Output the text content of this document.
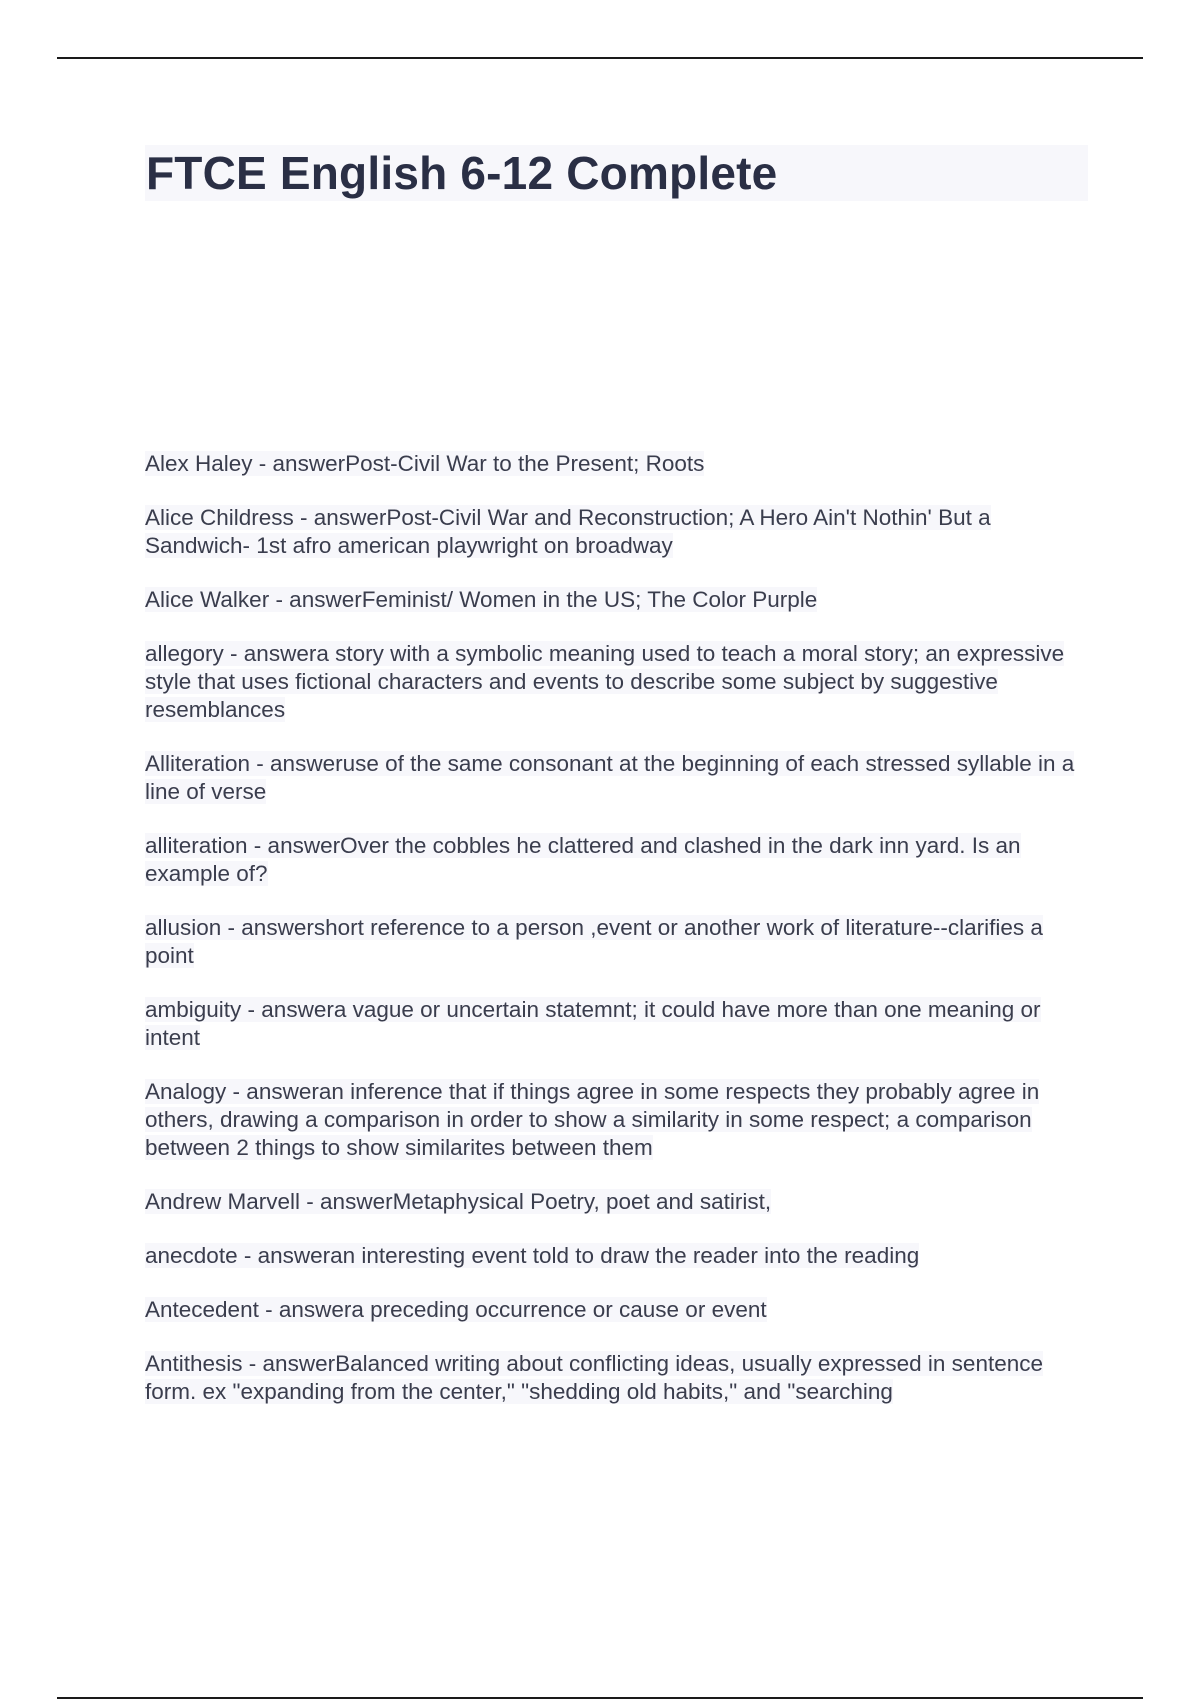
FTCE English 6-12 Complete

Alex Haley - answerPost-Civil War to the Present; Roots

Alice Childress - answerPost-Civil War and Reconstruction; A Hero Ain't Nothin' But a Sandwich- 1st afro american playwright on broadway

Alice Walker - answerFeminist/ Women in the US; The Color Purple

allegory - answera story with a symbolic meaning used to teach a moral story; an expressive style that uses fictional characters and events to describe some subject by suggestive resemblances

Alliteration - answeruse of the same consonant at the beginning of each stressed syllable in a line of verse

alliteration - answerOver the cobbles he clattered and clashed in the dark inn yard. Is an example of?

allusion - answershort reference to a person ,event or another work of literature--clarifies a point

ambiguity - answera vague or uncertain statemnt; it could have more than one meaning or intent

Analogy - answeran inference that if things agree in some respects they probably agree in others, drawing a comparison in order to show a similarity in some respect; a comparison between 2 things to show similarites between them

Andrew Marvell - answerMetaphysical Poetry, poet and satirist,

anecdote - answeran interesting event told to draw the reader into the reading

Antecedent - answera preceding occurrence or cause or event

Antithesis - answerBalanced writing about conflicting ideas, usually expressed in sentence form. ex "expanding from the center," "shedding old habits," and "searching
